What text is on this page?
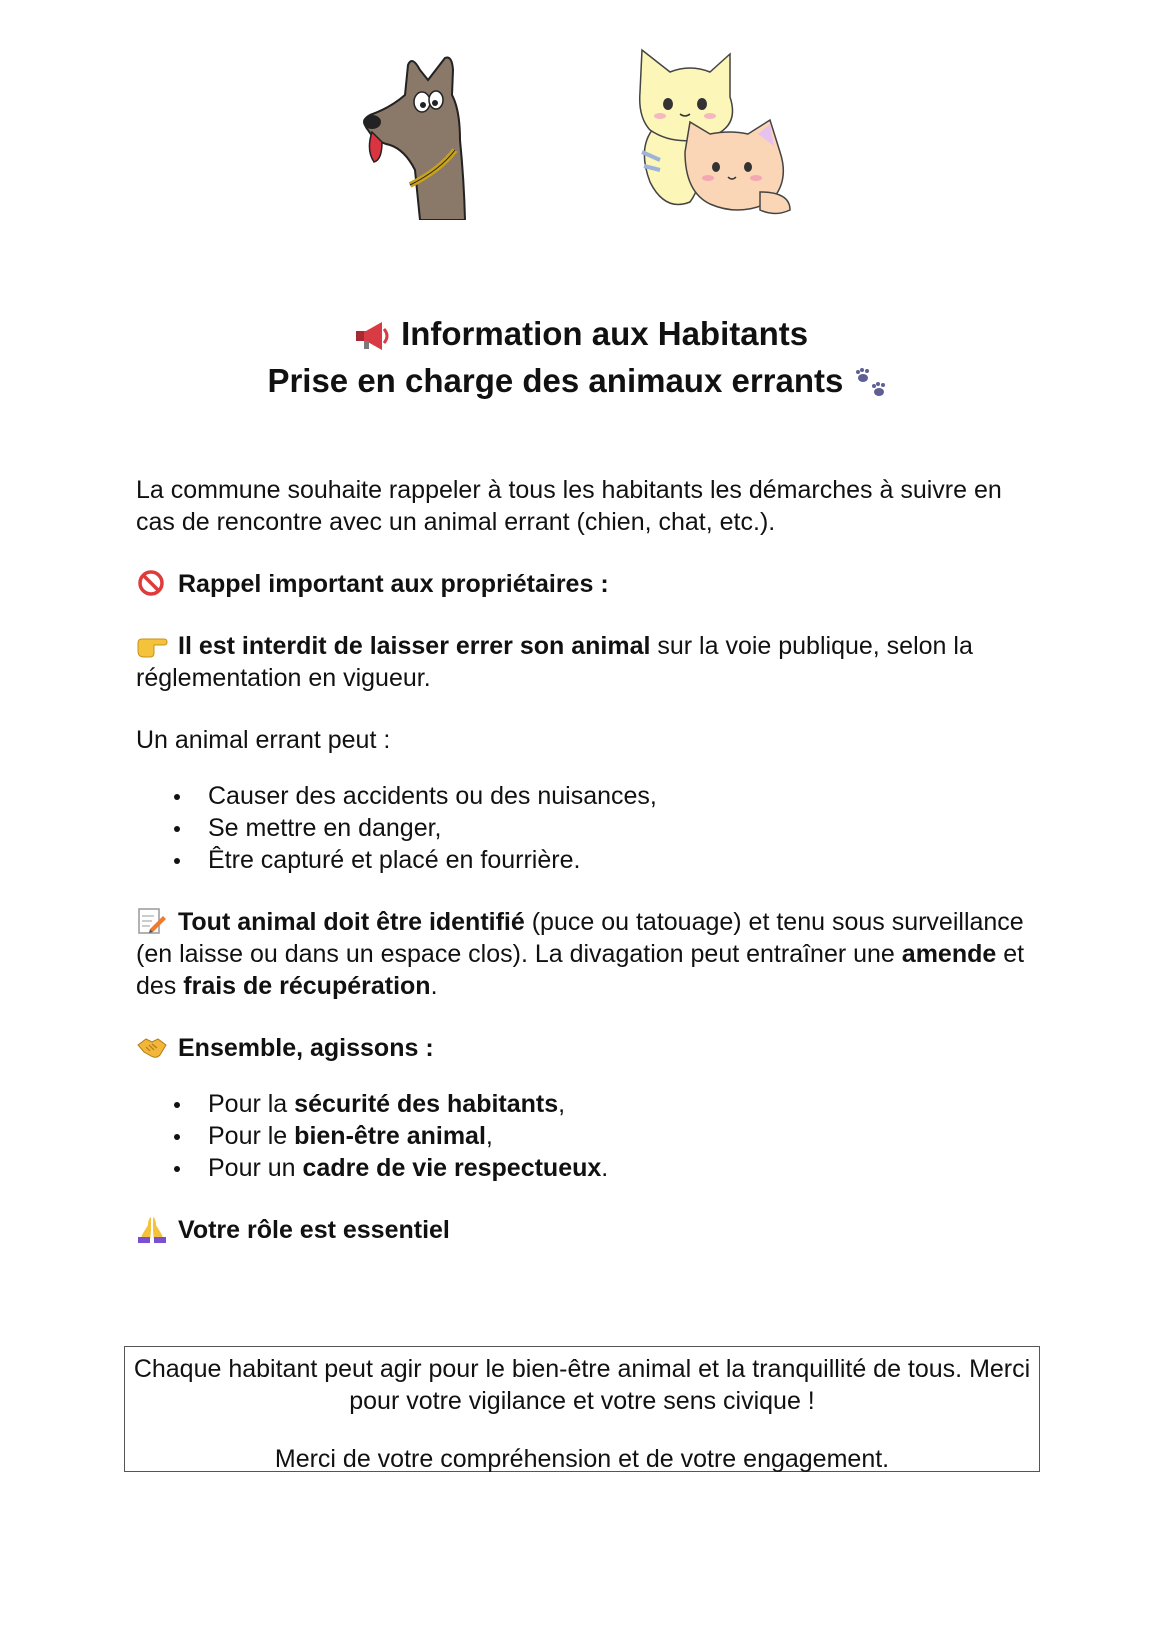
Information aux Habitants
Prise en charge des animaux errants

La commune souhaite rappeler à tous les habitants les démarches à suivre en cas de rencontre avec un animal errant (chien, chat, etc.).

Rappel important aux propriétaires :

Il est interdit de laisser errer son animal sur la voie publique, selon la réglementation en vigueur.

Un animal errant peut :

Causer des accidents ou des nuisances,
Se mettre en danger,
Être capturé et placé en fourrière.

Tout animal doit être identifié (puce ou tatouage) et tenu sous surveillance (en laisse ou dans un espace clos). La divagation peut entraîner une amende et des frais de récupération.

Ensemble, agissons :

Pour la sécurité des habitants,
Pour le bien-être animal,
Pour un cadre de vie respectueux.

Votre rôle est essentiel

Chaque habitant peut agir pour le bien-être animal et la tranquillité de tous. Merci pour votre vigilance et votre sens civique !

Merci de votre compréhension et de votre engagement.
